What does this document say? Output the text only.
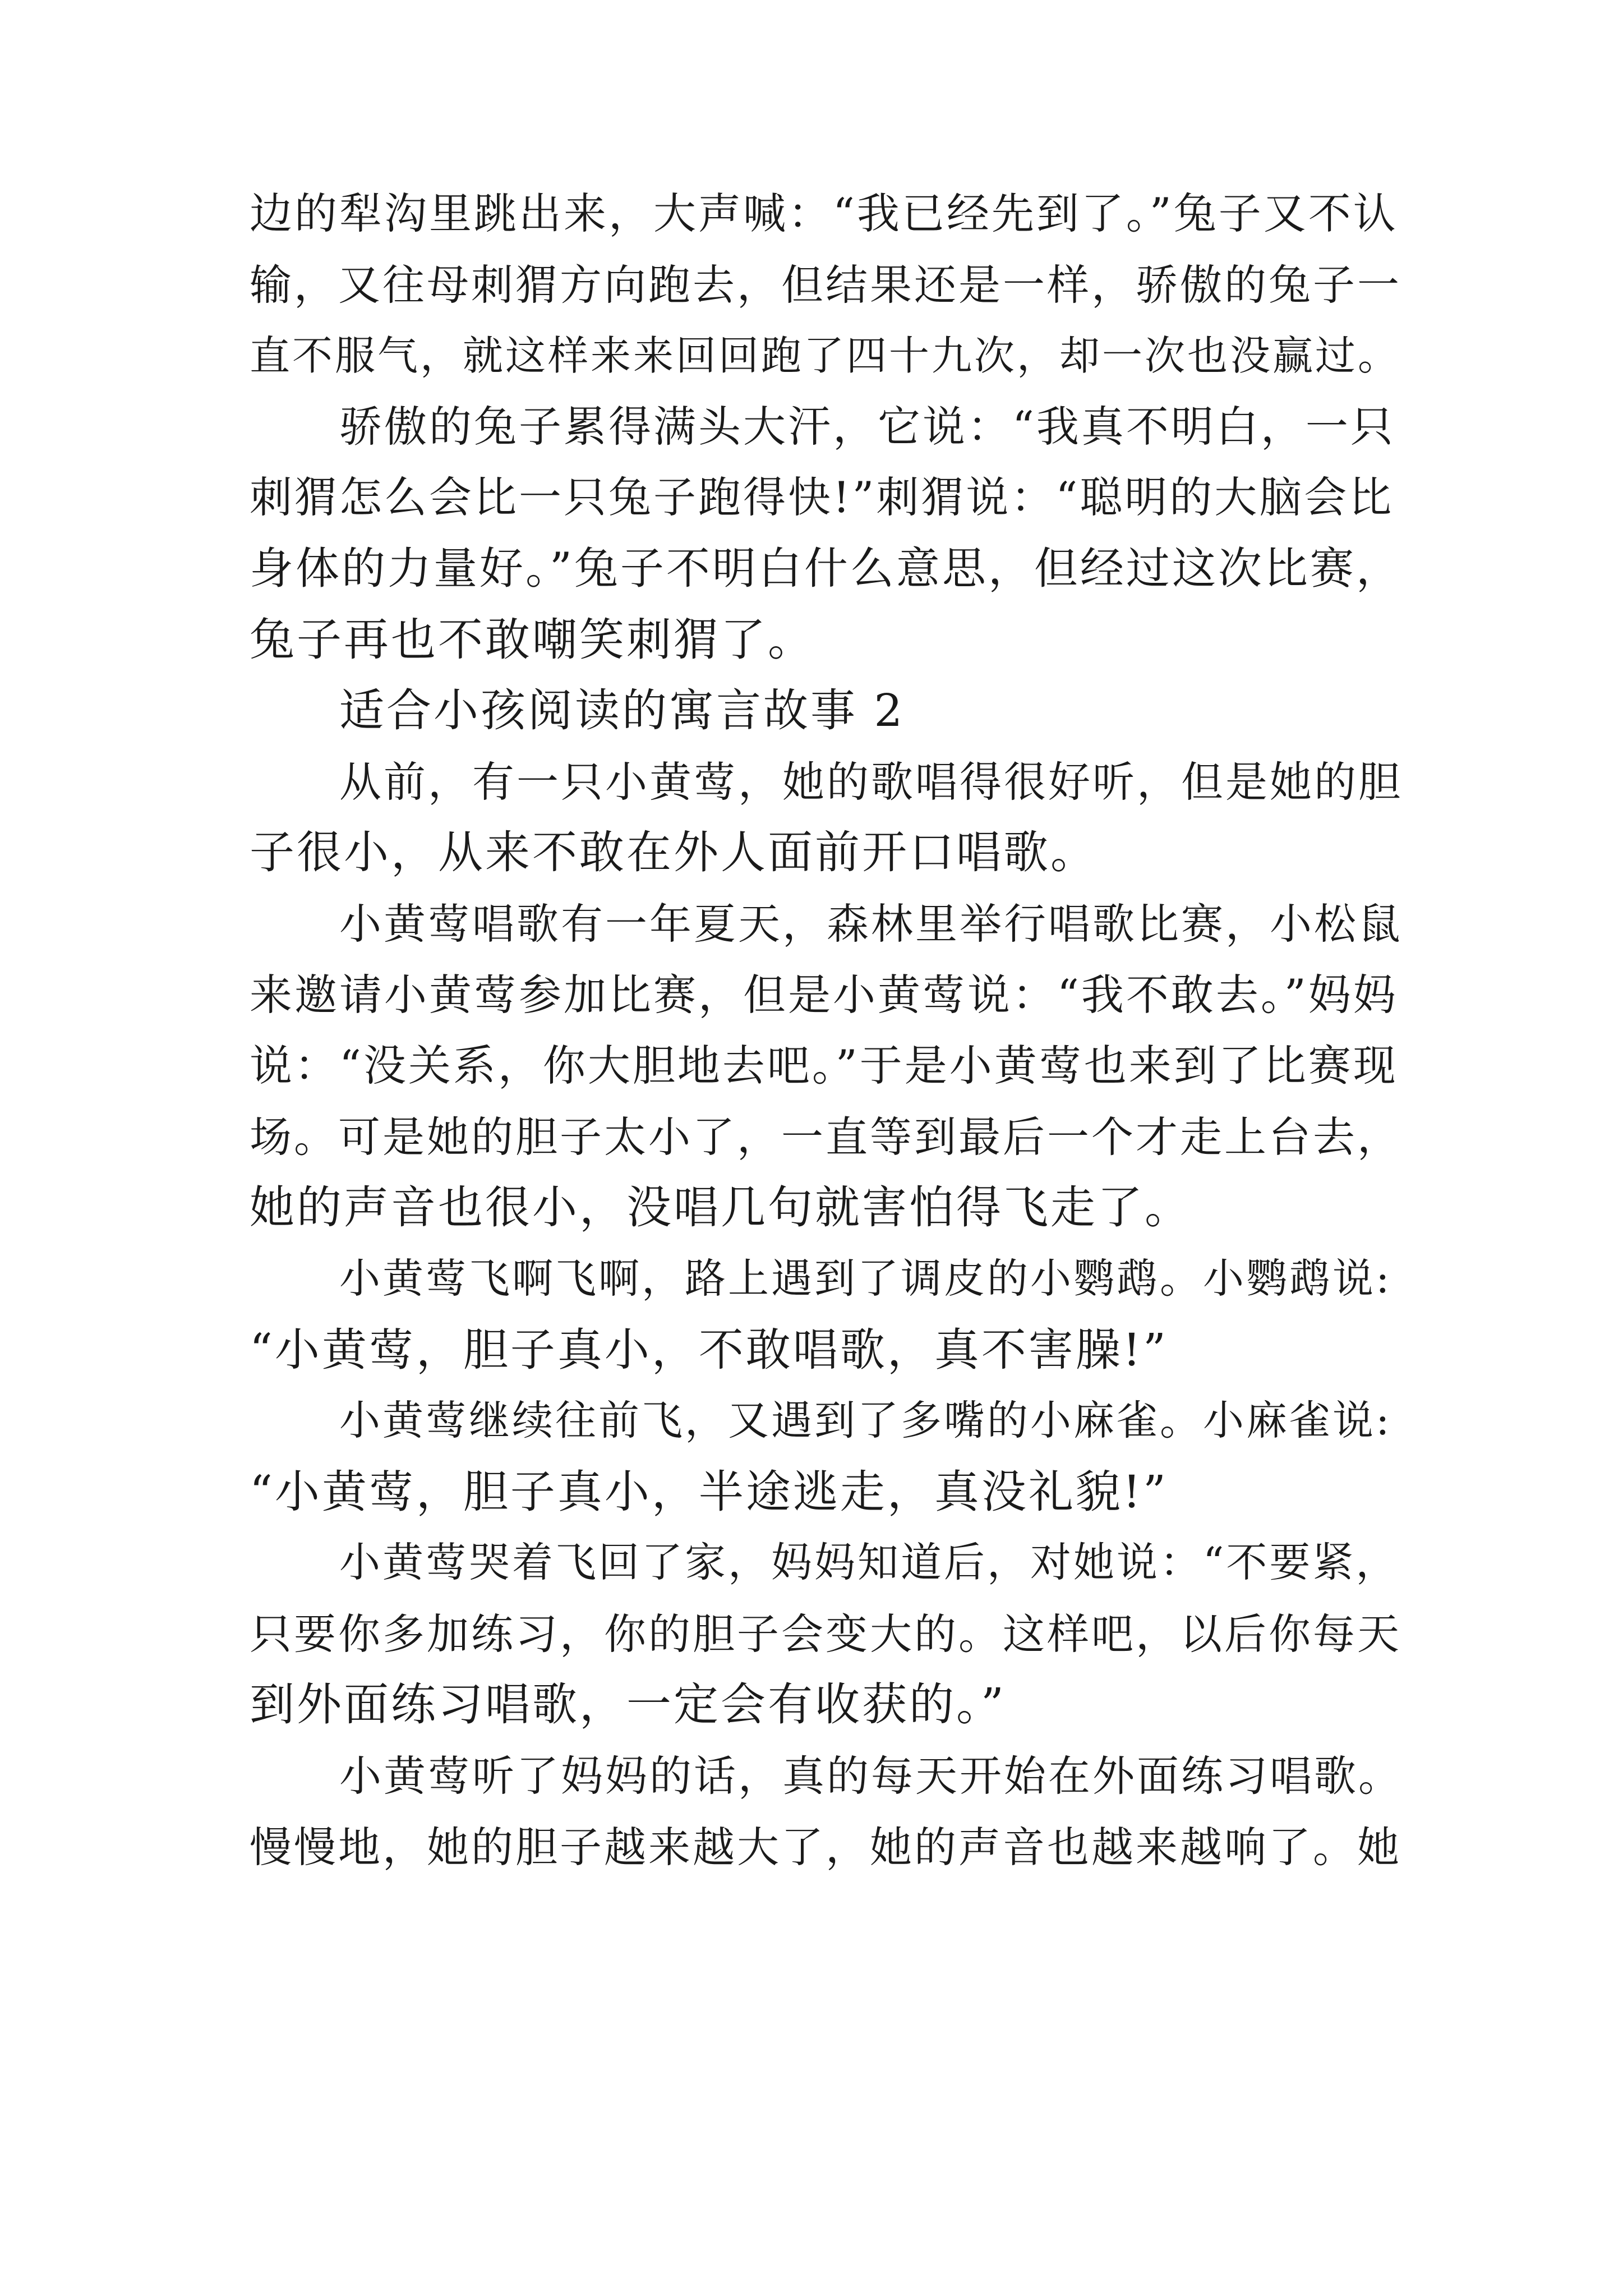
边的犁沟里跳出来，大声喊：“我已经先到了。”兔子又不认
输，又往母刺猬方向跑去，但结果还是一样，骄傲的兔子一
直不服气，就这样来来回回跑了四十九次，却一次也没赢过。
骄傲的兔子累得满头大汗，它说：“我真不明白，一只
刺猬怎么会比一只兔子跑得快!”刺猬说：“聪明的大脑会比
身体的力量好。”兔子不明白什么意思，但经过这次比赛，
兔子再也不敢嘲笑刺猬了。
适合小孩阅读的寓言故事 2
从前，有一只小黄莺，她的歌唱得很好听，但是她的胆
子很小，从来不敢在外人面前开口唱歌。
小黄莺唱歌有一年夏天，森林里举行唱歌比赛，小松鼠
来邀请小黄莺参加比赛，但是小黄莺说：“我不敢去。”妈妈
说：“没关系，你大胆地去吧。”于是小黄莺也来到了比赛现
场。可是她的胆子太小了，一直等到最后一个才走上台去，
她的声音也很小，没唱几句就害怕得飞走了。
小黄莺飞啊飞啊，路上遇到了调皮的小鹦鹉。小鹦鹉说:
“小黄莺，胆子真小，不敢唱歌，真不害臊!”
小黄莺继续往前飞，又遇到了多嘴的小麻雀。小麻雀说:
“小黄莺，胆子真小，半途逃走，真没礼貌!”
小黄莺哭着飞回了家，妈妈知道后，对她说：“不要紧，
只要你多加练习，你的胆子会变大的。这样吧，以后你每天
到外面练习唱歌，一定会有收获的。”
小黄莺听了妈妈的话，真的每天开始在外面练习唱歌。
慢慢地，她的胆子越来越大了，她的声音也越来越响了。她
